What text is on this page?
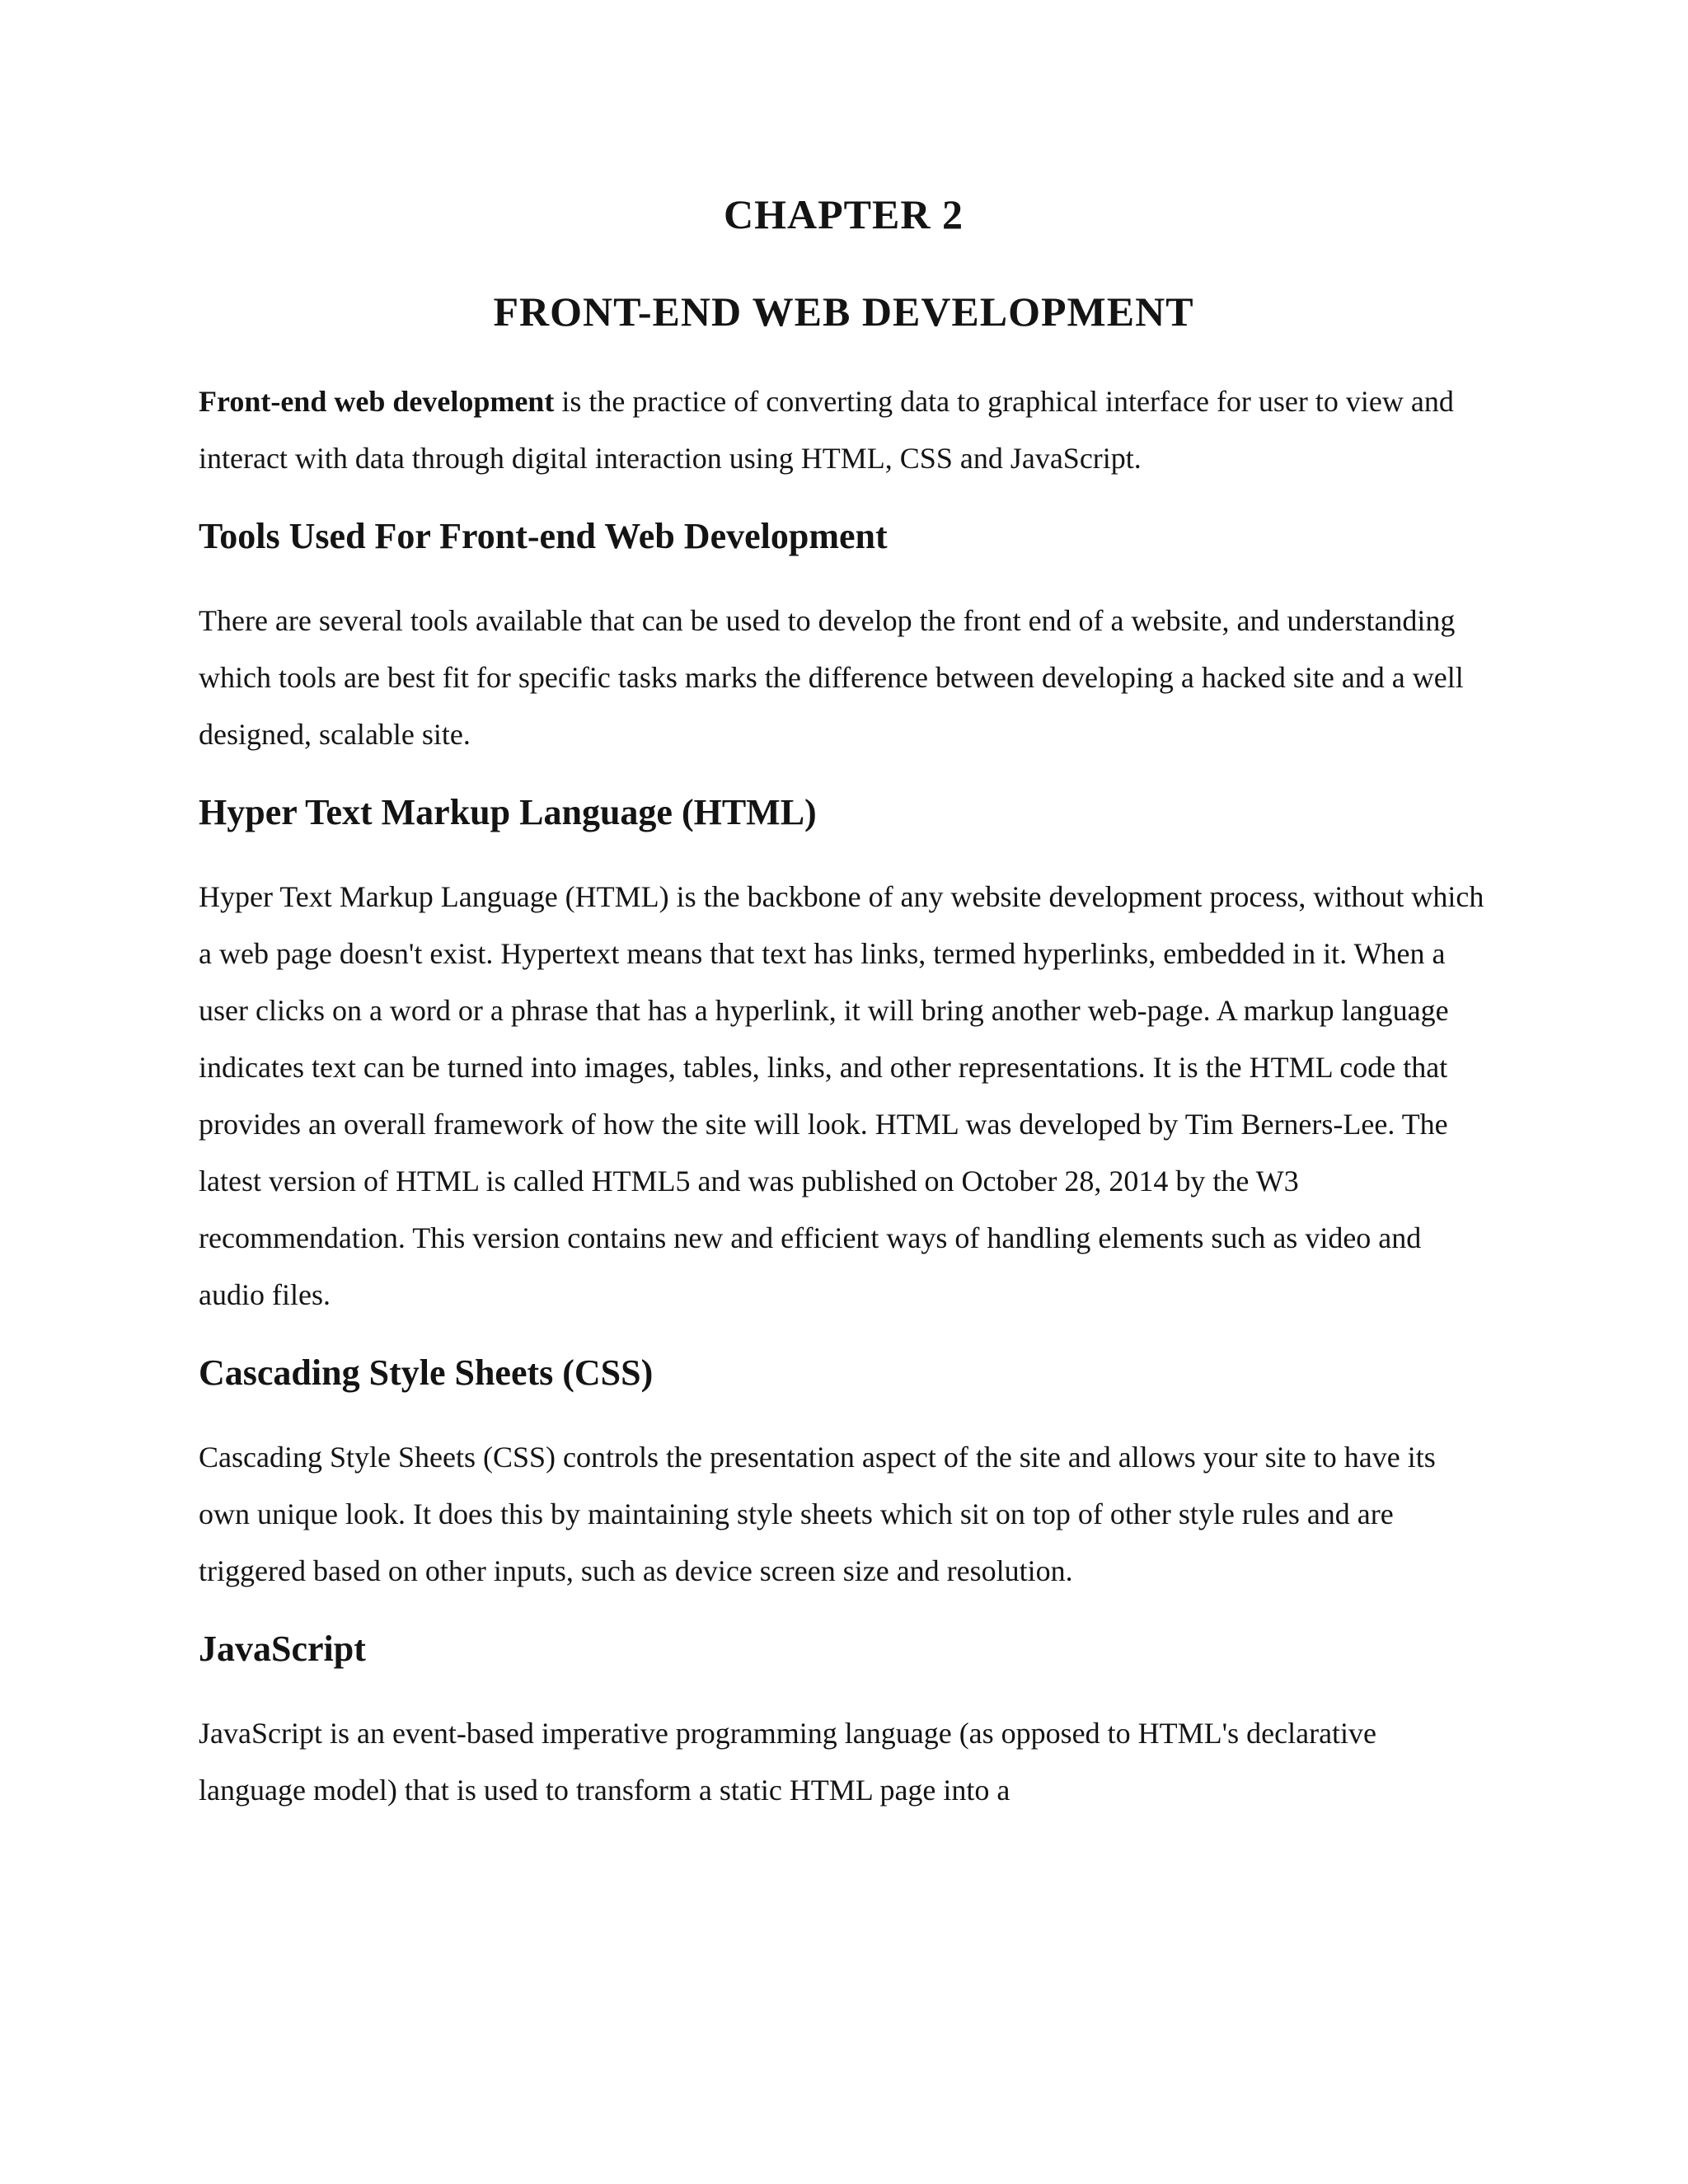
CHAPTER 2
FRONT-END WEB DEVELOPMENT

Front-end web development is the practice of converting data to graphical interface for user to view and interact with data through digital interaction using HTML, CSS and JavaScript.

Tools Used For Front-end Web Development

There are several tools available that can be used to develop the front end of a website, and understanding which tools are best fit for specific tasks marks the difference between developing a hacked site and a well designed, scalable site.

Hyper Text Markup Language (HTML)

Hyper Text Markup Language (HTML) is the backbone of any website development process, without which a web page doesn't exist. Hypertext means that text has links, termed hyperlinks, embedded in it. When a user clicks on a word or a phrase that has a hyperlink, it will bring another web-page. A markup language indicates text can be turned into images, tables, links, and other representations. It is the HTML code that provides an overall framework of how the site will look. HTML was developed by Tim Berners-Lee. The latest version of HTML is called HTML5 and was published on October 28, 2014 by the W3 recommendation. This version contains new and efficient ways of handling elements such as video and audio files.

Cascading Style Sheets (CSS)

Cascading Style Sheets (CSS) controls the presentation aspect of the site and allows your site to have its own unique look. It does this by maintaining style sheets which sit on top of other style rules and are triggered based on other inputs, such as device screen size and resolution.

JavaScript

JavaScript is an event-based imperative programming language (as opposed to HTML's declarative language model) that is used to transform a static HTML page into a
